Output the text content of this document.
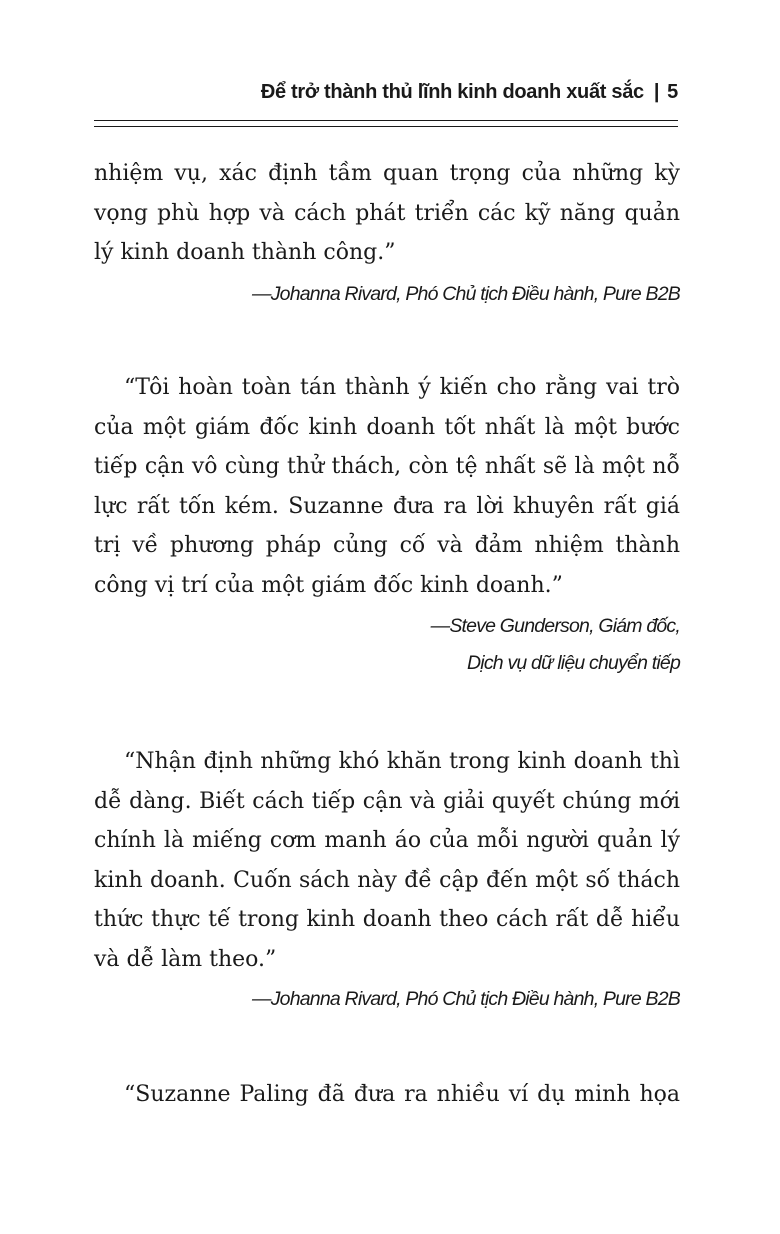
Để trở thành thủ lĩnh kinh doanh xuất sắc | 5

nhiệm vụ, xác định tầm quan trọng của những kỳ vọng phù hợp và cách phát triển các kỹ năng quản lý kinh doanh thành công.”

—Johanna Rivard, Phó Chủ tịch Điều hành, Pure B2B

“Tôi hoàn toàn tán thành ý kiến cho rằng vai trò của một giám đốc kinh doanh tốt nhất là một bước tiếp cận vô cùng thử thách, còn tệ nhất sẽ là một nỗ lực rất tốn kém. Suzanne đưa ra lời khuyên rất giá trị về phương pháp củng cố và đảm nhiệm thành công vị trí của một giám đốc kinh doanh.”

—Steve Gunderson, Giám đốc,

Dịch vụ dữ liệu chuyển tiếp

“Nhận định những khó khăn trong kinh doanh thì dễ dàng. Biết cách tiếp cận và giải quyết chúng mới chính là miếng cơm manh áo của mỗi người quản lý kinh doanh. Cuốn sách này đề cập đến một số thách thức thực tế trong kinh doanh theo cách rất dễ hiểu và dễ làm theo.”

—Johanna Rivard, Phó Chủ tịch Điều hành, Pure B2B

“Suzanne Paling đã đưa ra nhiều ví dụ minh họa
